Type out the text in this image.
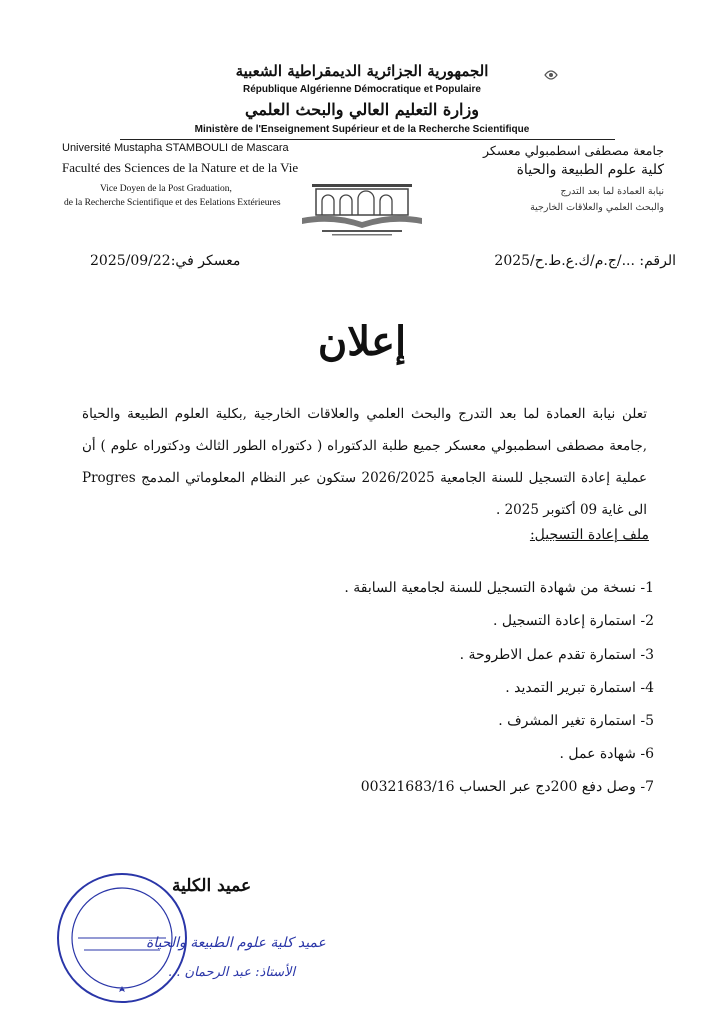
الجمهورية الجزائرية الديمقراطية الشعبية
République Algérienne Démocratique et Populaire
وزارة التعليم العالي والبحث العلمي
Ministère de l'Enseignement Supérieur et de la Recherche Scientifique
Université Mustapha STAMBOULI de Mascara
Faculté des Sciences de la Nature et de la Vie
Vice Doyen de la Post Graduation,
de la Recherche Scientifique et des Eelations Extérieures
جامعة مصطفى اسطمبولي معسكر
كلية علوم الطبيعة والحياة
نيابة العمادة لما بعد التدرج
والبحث العلمي والعلاقات الخارجية
معسكر في:2025/09/22	الرقم: .../ج.م/ك.ع.ط.ح/2025
إعلان
تعلن نيابة العمادة لما بعد التدرج والبحث العلمي والعلاقات الخارجية ,بكلية العلوم الطبيعة والحياة ,جامعة مصطفى اسطمبولي معسكر جميع طلبة الدكتوراه ( دكتوراه الطور الثالث ودكتوراه علوم ) أن عملية إعادة التسجيل للسنة الجامعية 2026/2025 ستكون عبر النظام المعلوماتي المدمج Progres الى غاية 09 أكتوبر 2025 .
ملف إعادة التسجيل:
1- نسخة من شهادة التسجيل للسنة لجامعية السابقة .
2- استمارة إعادة التسجيل .
3- استمارة تقدم عمل الاطروحة .
4- استمارة تبرير التمديد .
5- استمارة تغير المشرف .
6- شهادة عمل .
7- وصل دفع 200دج عبر الحساب 00321683/16
عميد الكلية
عميد كلية علوم الطبيعة والحياة
الأستاذ: عبد الرحمان ...
